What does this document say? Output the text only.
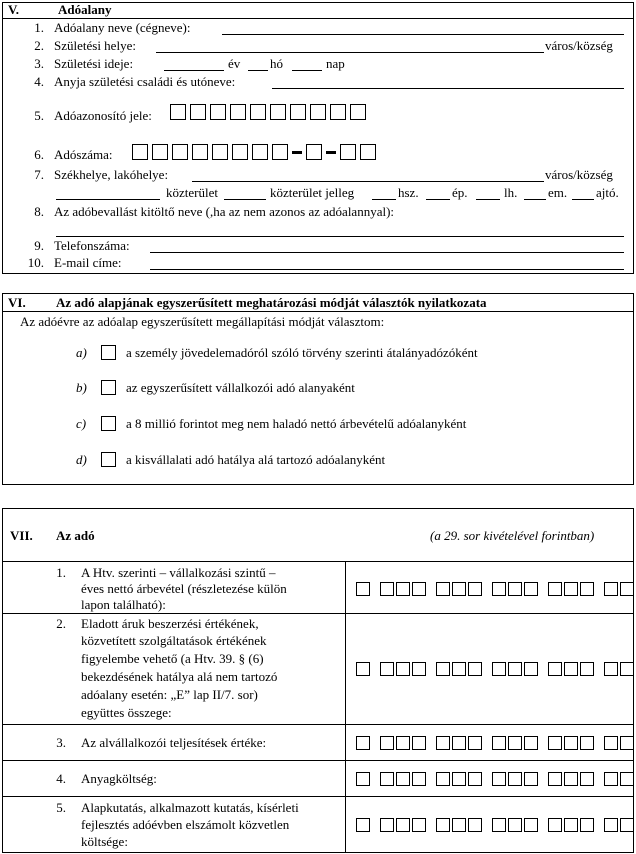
V.	Adóalany
1. Adóalany neve (cégneve):
2. Születési helye:	város/község
3. Születési ideje:	év hó	nap
4. Anyja születési családi és utóneve:
5. Adóazonosító jele:
6. Adószáma:
7. Székhelye, lakóhelye:	város/község
közterület	közterület jelleg	hsz.	ép.	lh. em. ajtó.
8. Az adóbevallást kitöltő neve (,ha az nem azonos az adóalannyal):
9. Telefonszáma:
10. E-mail címe:
VI. Az adó alapjának egyszerűsített meghatározási módját választók nyilatkozata
Az adóévre az adóalap egyszerűsített megállapítási módját választom:
a)	a személy jövedelemadóról szóló törvény szerinti átalányadózóként
b)	az egyszerűsített vállalkozói adó alanyaként
c)	a 8 millió forintot meg nem haladó nettó árbevételű adóalanyként
d)	a kisvállalati adó hatálya alá tartozó adóalanyként
VII. Az adó	(a 29. sor kivételével forintban)
1. A Htv. szerinti – vállalkozási szintű –
éves nettó árbevétel (részletezése külön
lapon található):
2. Eladott áruk beszerzési értékének,
közvetített szolgáltatások értékének
figyelembe vehető (a Htv. 39. § (6)
bekezdésének hatálya alá nem tartozó
adóalany esetén: „E” lap II/7. sor)
együttes összege:
3. Az alvállalkozói teljesítések értéke:
4. Anyagköltség:
5. Alapkutatás, alkalmazott kutatás, kísérleti
fejlesztés adóévben elszámolt közvetlen
költsége:
